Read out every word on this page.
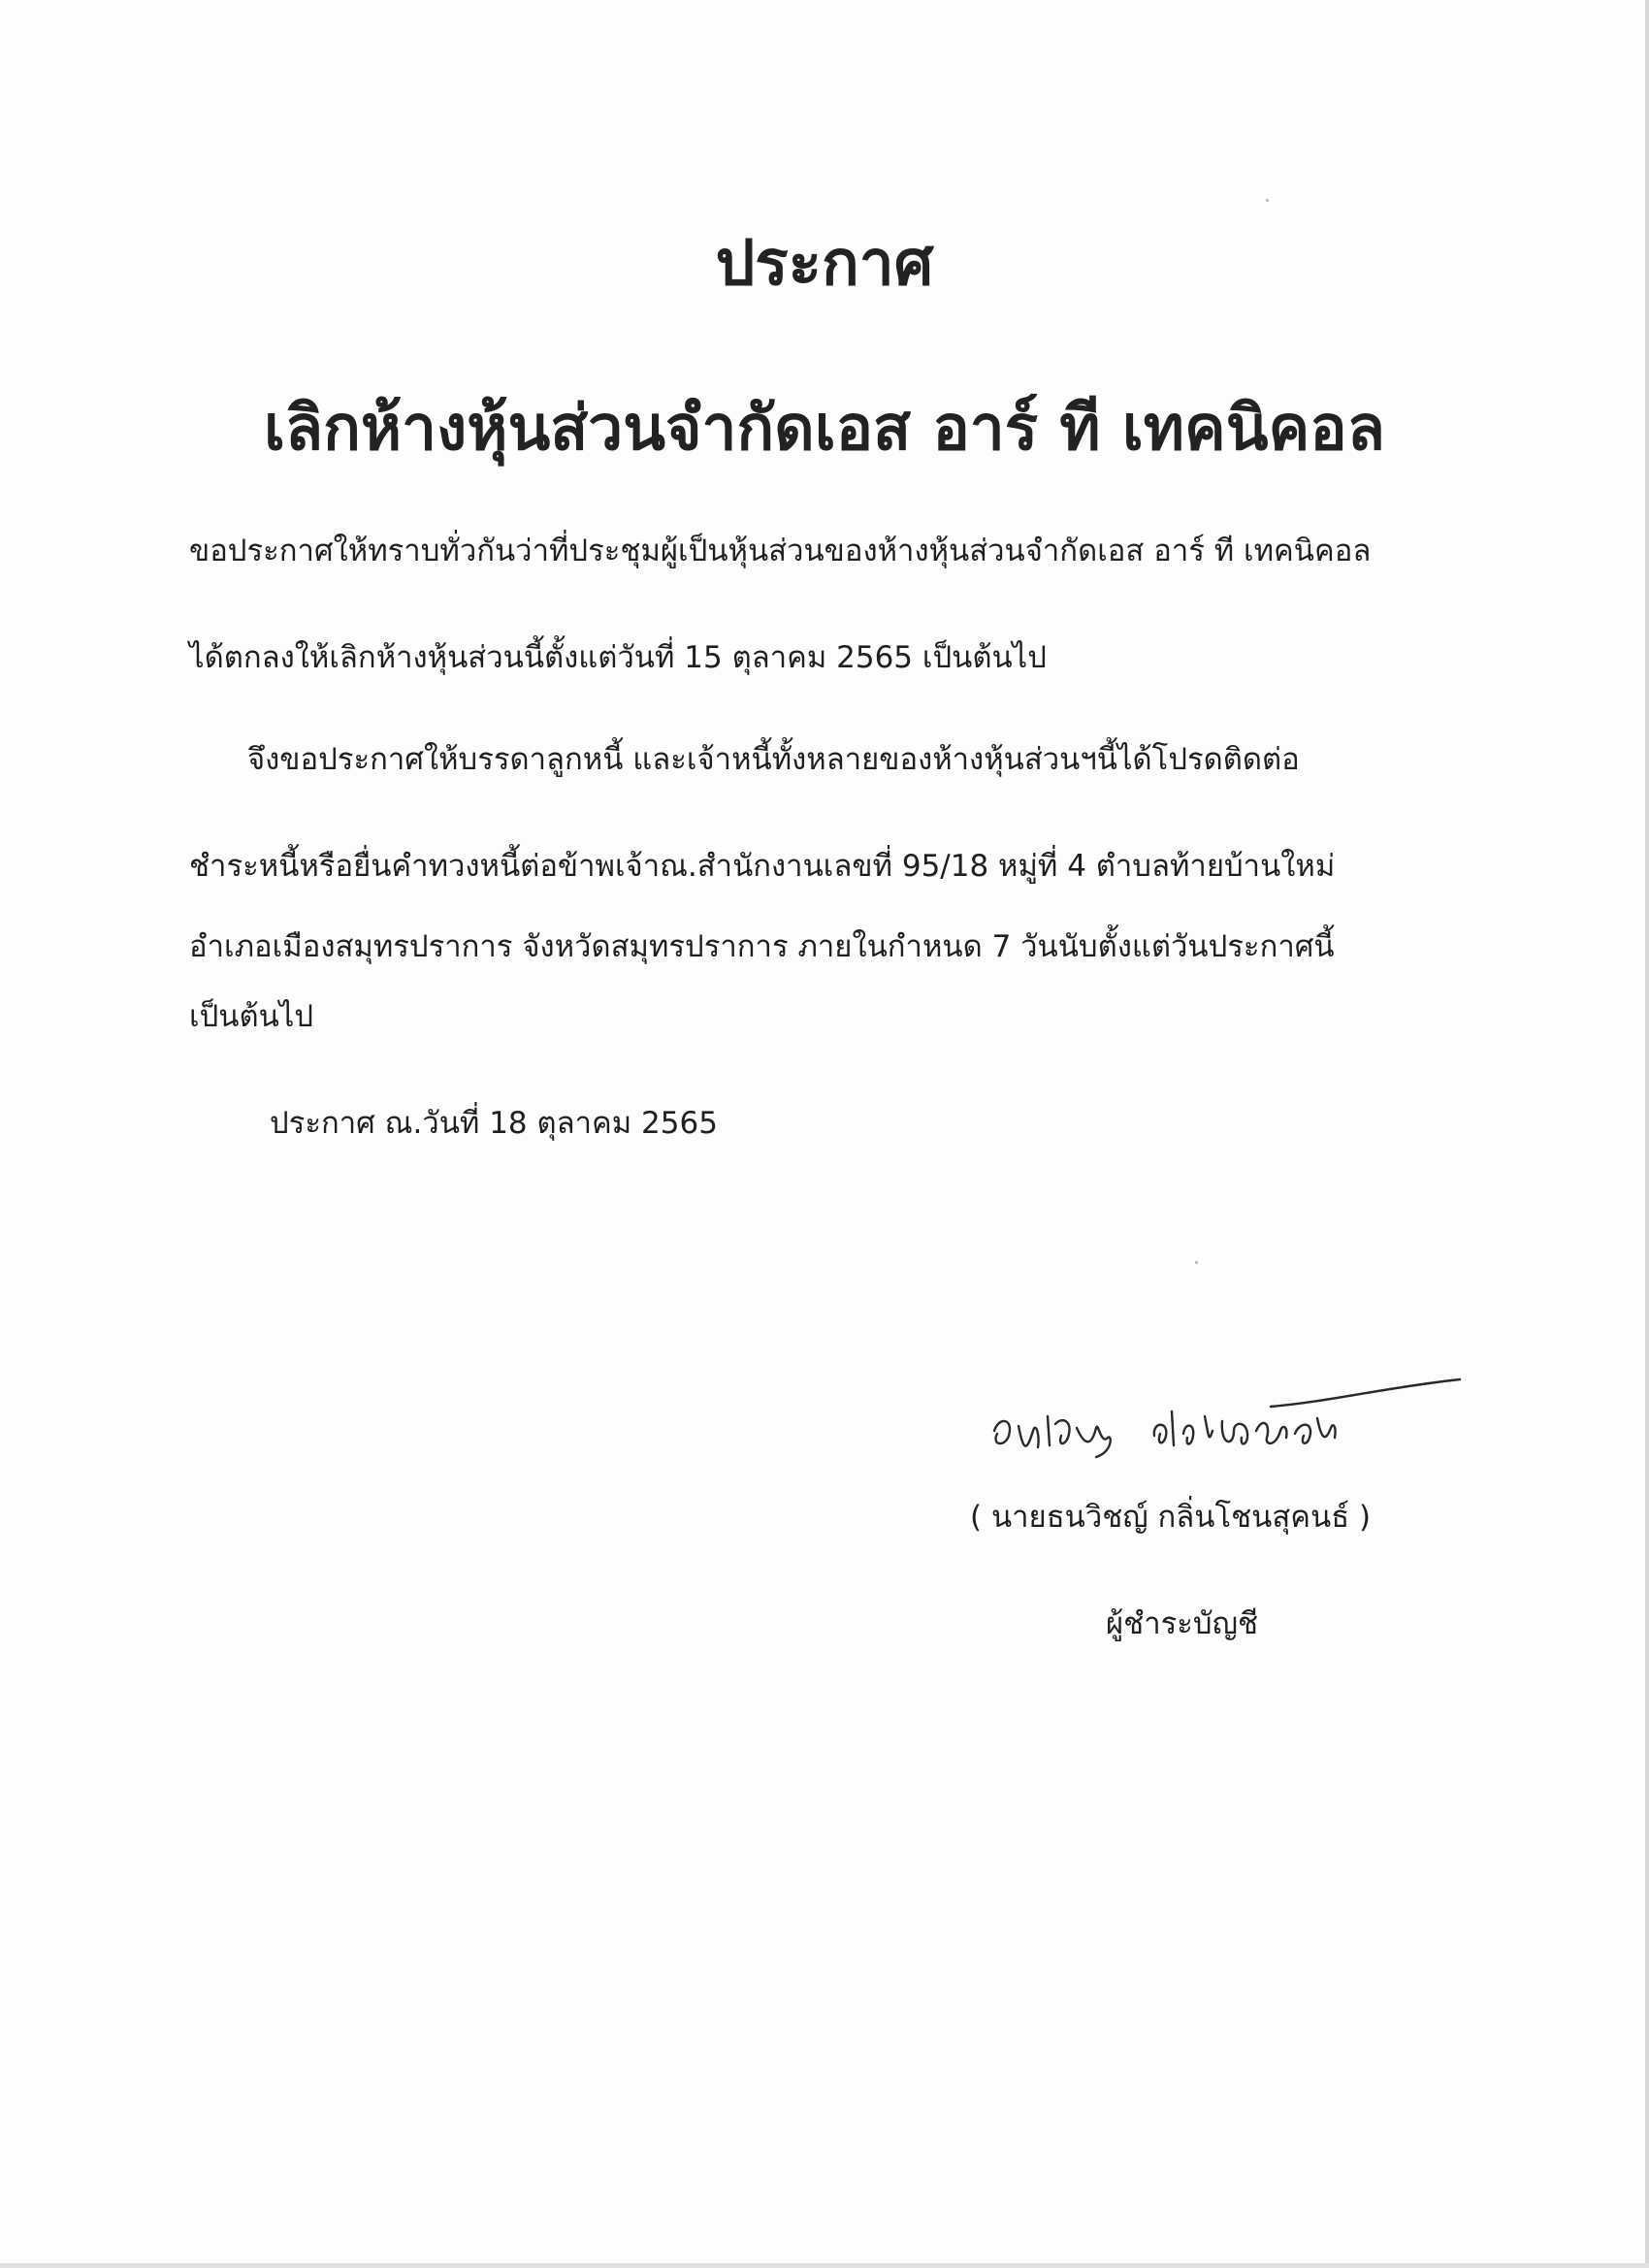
ประกาศ
เลิกห้างหุ้นส่วนจำกัดเอส อาร์ ที เทคนิคอล
ขอประกาศให้ทราบทั่วกันว่าที่ประชุมผู้เป็นหุ้นส่วนของห้างหุ้นส่วนจำกัดเอส อาร์ ที เทคนิคอล
ได้ตกลงให้เลิกห้างหุ้นส่วนนี้ตั้งแต่วันที่ 15 ตุลาคม 2565 เป็นต้นไป
จึงขอประกาศให้บรรดาลูกหนี้ และเจ้าหนี้ทั้งหลายของห้างหุ้นส่วนฯนี้ได้โปรดติดต่อ
ชำระหนี้หรือยื่นคำทวงหนี้ต่อข้าพเจ้าณ.สำนักงานเลขที่ 95/18 หมู่ที่ 4 ตำบลท้ายบ้านใหม่
อำเภอเมืองสมุทรปราการ จังหวัดสมุทรปราการ ภายในกำหนด 7 วันนับตั้งแต่วันประกาศนี้
เป็นต้นไป
ประกาศ ณ.วันที่ 18 ตุลาคม 2565
( นายธนวิชญ์ กลิ่นโชนสุคนธ์ )
ผู้ชำระบัญชี
